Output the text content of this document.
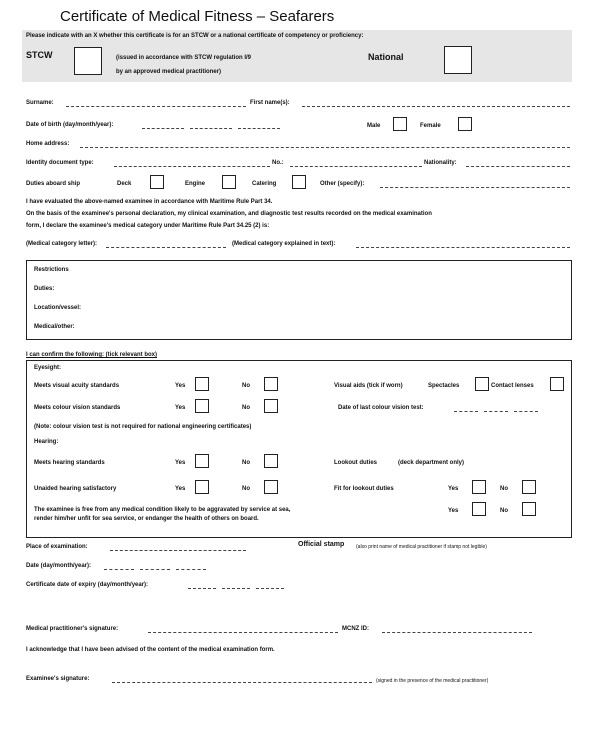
Certificate of Medical Fitness – Seafarers
Please indicate with an X whether this certificate is for an STCW or a national certificate of competency or proficiency:
STCW	(issued in accordance with STCW regulation I/9
by an approved medical practitioner)
National
Surname:	First name(s):
Date of birth (day/month/year):	Male	Female
Home address:
Identity document type:	No.:	Nationality:
Duties aboard ship	Deck	Engine	Catering	Other (specify):
I have evaluated the above-named examinee in accordance with Maritime Rule Part 34.
On the basis of the examinee's personal declaration, my clinical examination, and diagnostic test results recorded on the medical examination
form, I declare the examinee's medical category under Maritime Rule Part 34.25 (2) is:
(Medical category letter):	(Medical category explained in text):
Restrictions
Duties:
Location/vessel:
Medical/other:
I can confirm the following: (tick relevant box)
Eyesight:
Meets visual acuity standards	Yes	No	Visual aids (tick if worn)	Spectacles	Contact lenses
Meets colour vision standards	Yes	No	Date of last colour vision test:
(Note: colour vision test is not required for national engineering certificates)
Hearing:
Meets hearing standards	Yes	No	Lookout duties	(deck department only)
Unaided hearing satisfactory	Yes	No	Fit for lookout duties	Yes	No
The examinee is free from any medical condition likely to be aggravated by service at sea,
render him/her unfit for sea service, or endanger the health of others on board.
Yes	No
Place of examination:	Official stamp (also print name of medical practitioner if stamp not legible)
Date (day/month/year):
Certificate date of expiry (day/month/year):
Medical practitioner's signature:	MCNZ ID:
I acknowledge that I have been advised of the content of the medical examination form.
Examinee's signature:	(signed in the presence of the medical practitioner)
